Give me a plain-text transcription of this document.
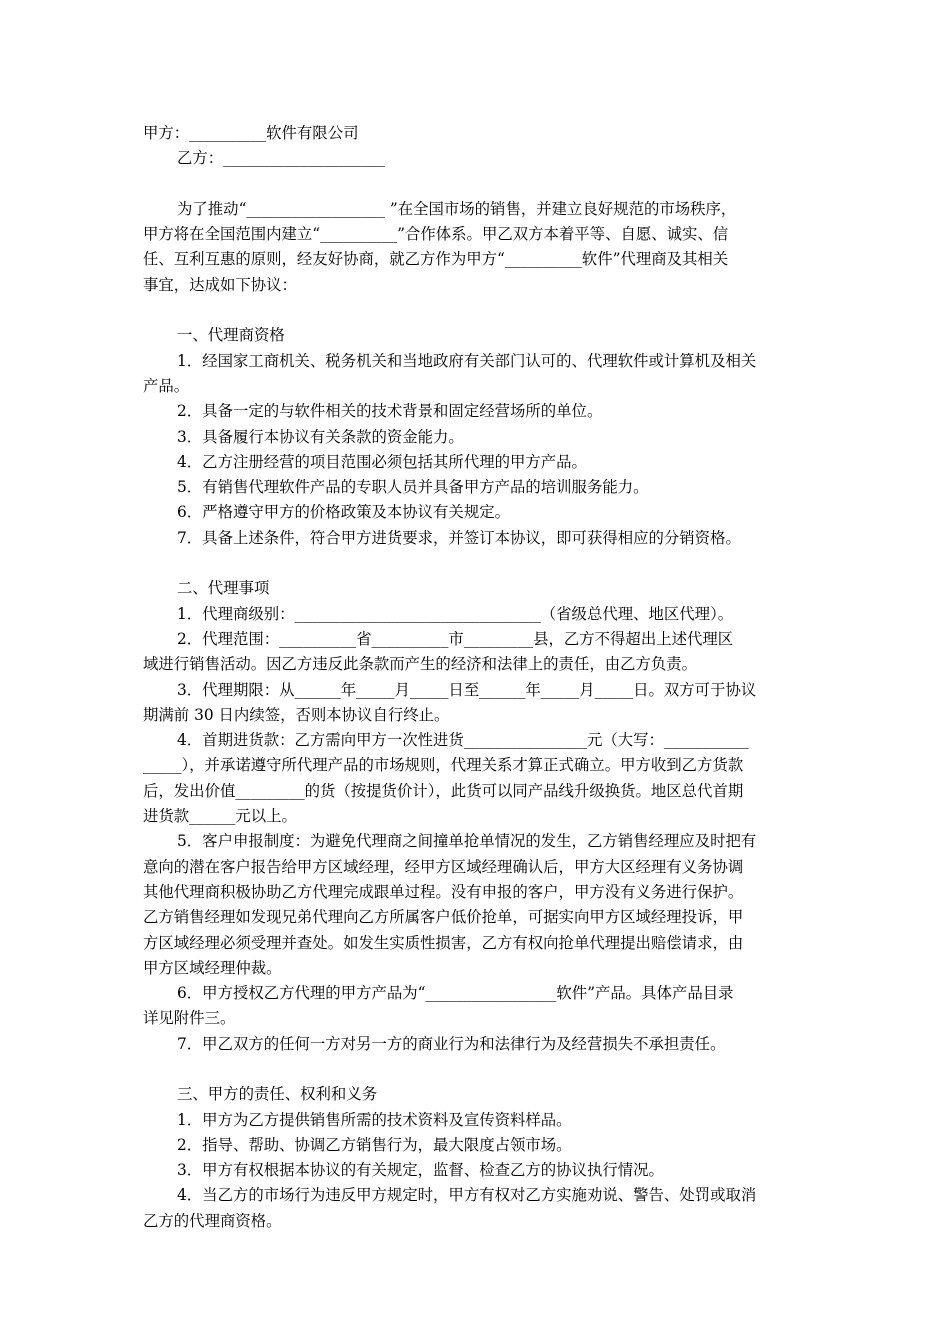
甲方：__________软件有限公司

乙方：_____________________

为了推动“__________________ ”在全国市场的销售，并建立良好规范的市场秩序，

甲方将在全国范围内建立“__________”合作体系。甲乙双方本着平等、自愿、诚实、信

任、互利互惠的原则，经友好协商，就乙方作为甲方“__________软件”代理商及其相关

事宜，达成如下协议：

一、代理商资格

1．经国家工商机关、税务机关和当地政府有关部门认可的、代理软件或计算机及相关

产品。

2．具备一定的与软件相关的技术背景和固定经营场所的单位。

3．具备履行本协议有关条款的资金能力。

4．乙方注册经营的项目范围必须包括其所代理的甲方产品。

5．有销售代理软件产品的专职人员并具备甲方产品的培训服务能力。

6．严格遵守甲方的价格政策及本协议有关规定。

7．具备上述条件，符合甲方进货要求，并签订本协议，即可获得相应的分销资格。

二、代理事项

1．代理商级别：________________________________（省级总代理、地区代理）。

2．代理范围：__________省__________市_________县，乙方不得超出上述代理区

域进行销售活动。因乙方违反此条款而产生的经济和法律上的责任，由乙方负责。

3．代理期限：从______年_____月_____日至______年_____月_____日。双方可于协议

期满前 30 日内续签，否则本协议自行终止。

4．首期进货款：乙方需向甲方一次性进货________________元（大写：___________

_____），并承诺遵守所代理产品的市场规则，代理关系才算正式确立。甲方收到乙方货款

后，发出价值_________的货（按提货价计），此货可以同产品线升级换货。地区总代首期

进货款______元以上。

5．客户申报制度：为避免代理商之间撞单抢单情况的发生，乙方销售经理应及时把有

意向的潜在客户报告给甲方区域经理，经甲方区域经理确认后，甲方大区经理有义务协调

其他代理商积极协助乙方代理完成跟单过程。没有申报的客户，甲方没有义务进行保护。

乙方销售经理如发现兄弟代理向乙方所属客户低价抢单，可据实向甲方区域经理投诉，甲

方区域经理必须受理并查处。如发生实质性损害，乙方有权向抢单代理提出赔偿请求，由

甲方区域经理仲裁。

6．甲方授权乙方代理的甲方产品为“_________________软件”产品。具体产品目录

详见附件三。

7．甲乙双方的任何一方对另一方的商业行为和法律行为及经营损失不承担责任。

三、甲方的责任、权利和义务

1．甲方为乙方提供销售所需的技术资料及宣传资料样品。

2．指导、帮助、协调乙方销售行为，最大限度占领市场。

3．甲方有权根据本协议的有关规定，监督、检查乙方的协议执行情况。

4．当乙方的市场行为违反甲方规定时，甲方有权对乙方实施劝说、警告、处罚或取消

乙方的代理商资格。
